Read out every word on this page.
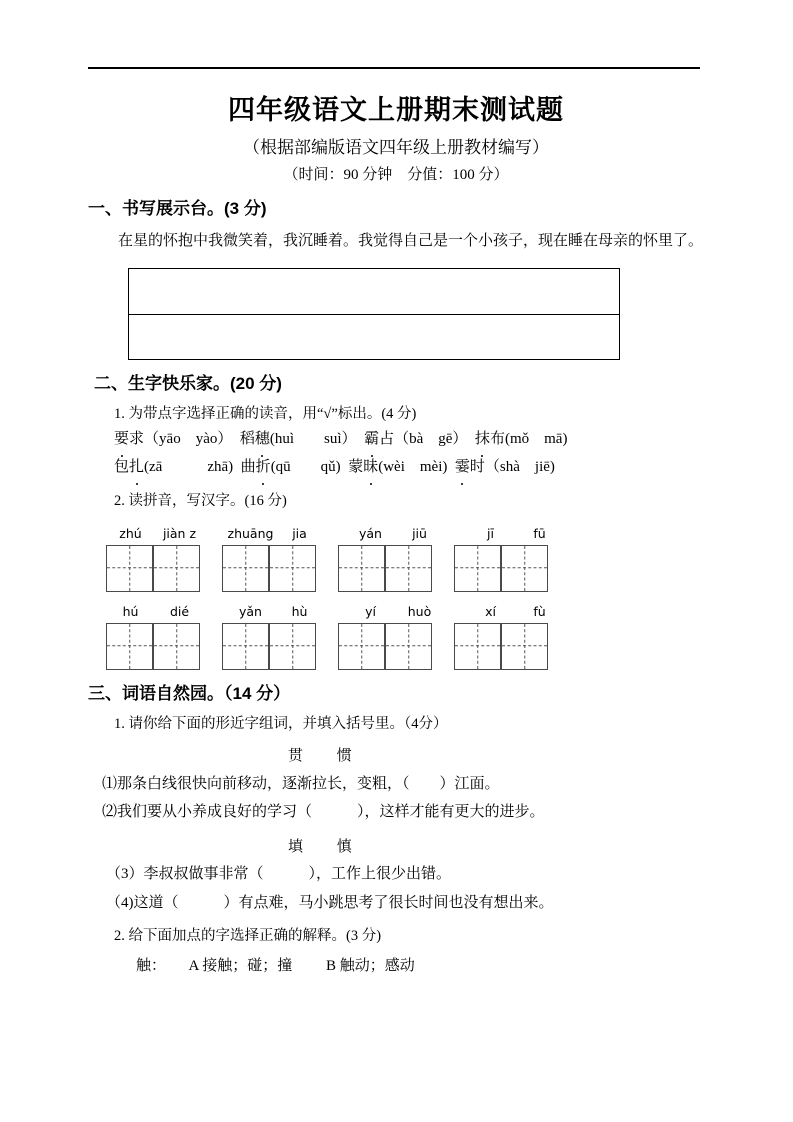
四年级语文上册期末测试题
（根据部编版语文四年级上册教材编写）
（时间：90 分钟　分值：100 分）
一、书写展示台。(3 分)
在星的怀抱中我微笑着，我沉睡着。我觉得自己是一个小孩子，现在睡在母亲的怀里了。
二、生字快乐家。(20 分)
1. 为带点字选择正确的读音，用“√”标出。(4 分)
要求（yāo　yào） 稻穗(huì　　suì） 霸占（bà　gē） 抹布(mǒ　mā)
包扎(zā　　　zhā) 曲折(qū　　qǔ) 蒙昧(wèi　mèi) 霎时（shà　jiē)
2. 读拼音，写汉字。(16 分)
zhú	jiàn z	zhuāng	jia	yán	jiū	jī	fū
hú	dié	yǎn	hù	yí	huò	xí	fù
三、词语自然园。（14 分）
1. 请你给下面的形近字组词，并填入括号里。（4分）
贯　　 惯
⑴那条白线很快向前移动，逐渐拉长，变粗，（　　）江面。
⑵我们要从小养成良好的学习（　　　），这样才能有更大的进步。
填　　 慎
（3）李叔叔做事非常（　　　），工作上很少出错。
（4)这道（　　　）有点难，马小跳思考了很长时间也没有想出来。
2. 给下面加点的字选择正确的解释。(3 分)
触：　　A 接触；碰；撞　　 B 触动；感动
